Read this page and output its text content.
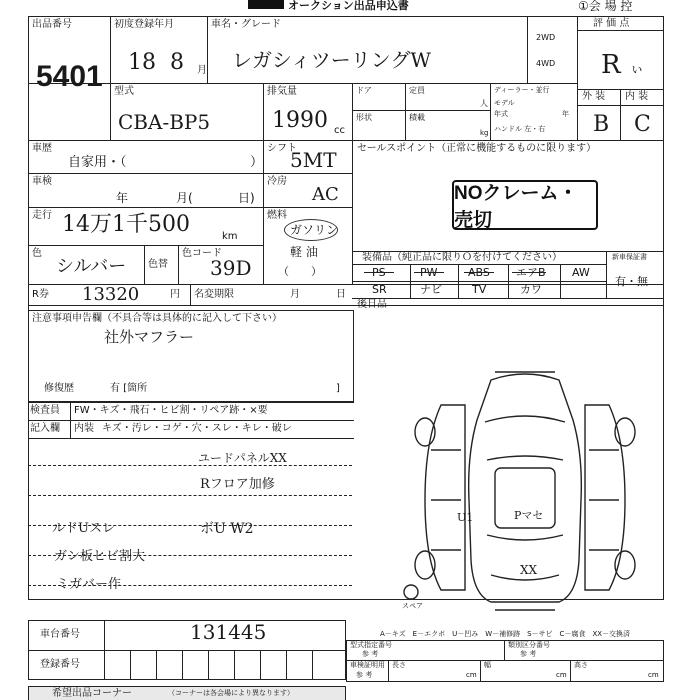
オークション出品申込書	①会 場 控
出品番号
5401
初度登録年月
18 8 月
車名・グレード
レガシィツーリングW
2WD
4WD
評 価 点
R ぃ
型式
CBA-BP5
排気量
1990 cc
ドア	定員
人
形状	積載
kg
ディーラー・並行
モデル
年式	年
ハンドル 左・右
外 装 内 装
B C
車歴
自家用・（	）
シフト
5MT セールスポイント（正常に機能するものに限ります）
NOクレーム・売切
車検
年	月(	日)
冷房
AC
走行 14万1千500	km
燃料
ガソリン
軽 油
（　　）
色
シルバー 色替
色コード
39D	装備品（純正品に限りＯを付けてください）	新車保証書
有・無
PS	PW	ABS エアB AW
SR	ナビ	TV	カワ
R券 13320	円 名変期限	月	日
後日品
注意事項申告欄（不具合等は具体的に記入して下さい）
社外マフラー
修復歴	有 [箇所	]
検査員
記入欄
FW・キズ・飛石・ヒビ割・リペア跡・×要
内装 キズ・汚レ・コゲ・穴・スレ・キレ・破レ
ユードパネルXX
Rフロア加修
ルドUスレ
ガン板ヒビ割大
ミガバー作
ボU W2
U1	Pマセ
XX
スペア
A－キズ　E－エクボ　U－凹み　W－補修跡　S－サビ　C－腐食　XX－交換済
車台番号	131445
登録番号
型式指定番号
参 考
類別区分番号
参 考
車検証明用
参 考
長さ
cm
幅
cm
高さ
cm
希望出品コーナー	（コーナーは各会場により異なります）
